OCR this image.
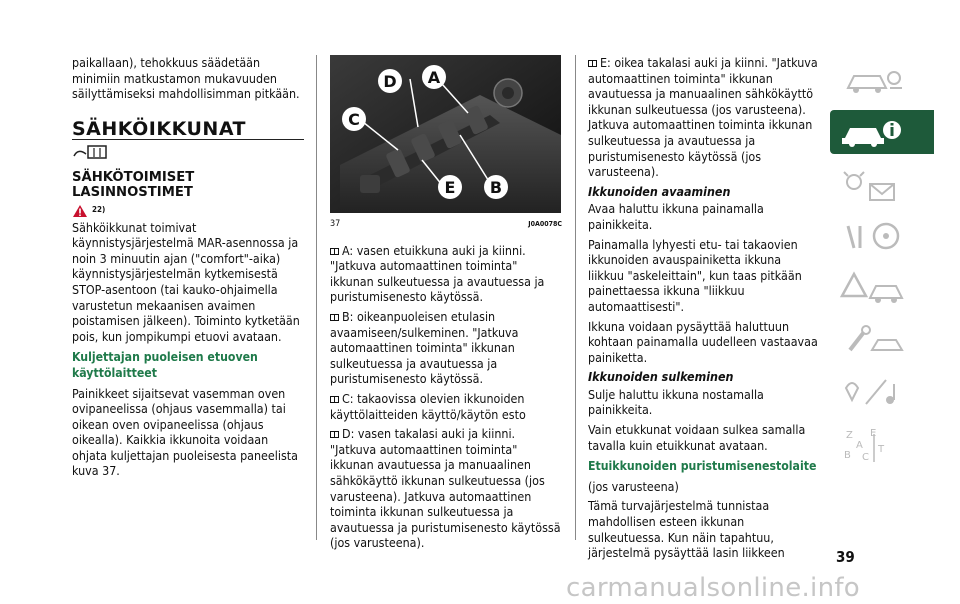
paikallaan), tehokkuus säädetään minimiin matkustamon mukavuuden säilyttämiseksi mahdollisimman pitkään.

SÄHKÖIKKUNAT
SÄHKÖTOIMISET LASINNOSTIMET
22)

Sähköikkunat toimivat käynnistysjärjestelmä MAR-asennossa ja noin 3 minuutin ajan ("comfort"-aika) käynnistysjärjestelmän kytkemisestä STOP-asentoon (tai kauko-ohjaimella varustetun mekaanisen avaimen poistamisen jälkeen). Toiminto kytketään pois, kun jompikumpi etuovi avataan.

Kuljettajan puoleisen etuoven käyttölaitteet

Painikkeet sijaitsevat vasemman oven ovipaneelissa (ohjaus vasemmalla) tai oikean oven ovipaneelissa (ohjaus oikealla). Kaikkia ikkunoita voidaan ohjata kuljettajan puoleisesta paneelista kuva 37.

D A
C
E B
37	J0A0078C

A: vasen etuikkuna auki ja kiinni. "Jatkuva automaattinen toiminta" ikkunan sulkeutuessa ja avautuessa ja puristumisenesto käytössä.

B: oikeanpuoleisen etulasin avaamiseen/sulkeminen. "Jatkuva automaattinen toiminta" ikkunan sulkeutuessa ja avautuessa ja puristumisenesto käytössä.

C: takaovissa olevien ikkunoiden käyttölaitteiden käyttö/käytön esto

D: vasen takalasi auki ja kiinni. "Jatkuva automaattinen toiminta" ikkunan avautuessa ja manuaalinen sähkökäyttö ikkunan sulkeutuessa (jos varusteena). Jatkuva automaattinen toiminta ikkunan sulkeutuessa ja avautuessa ja puristumisenesto käytössä (jos varusteena).

E: oikea takalasi auki ja kiinni. "Jatkuva automaattinen toiminta" ikkunan avautuessa ja manuaalinen sähkökäyttö ikkunan sulkeutuessa (jos varusteena). Jatkuva automaattinen toiminta ikkunan sulkeutuessa ja avautuessa ja puristumisenesto käytössä (jos varusteena).

Ikkunoiden avaaminen

Avaa haluttu ikkuna painamalla painikkeita.

Painamalla lyhyesti etu- tai takaovien ikkunoiden avauspainiketta ikkuna liikkuu "askeleittain", kun taas pitkään painettaessa ikkuna "liikkuu automaattisesti".

Ikkuna voidaan pysäyttää haluttuun kohtaan painamalla uudelleen vastaavaa painiketta.

Ikkunoiden sulkeminen

Sulje haluttu ikkuna nostamalla painikkeita.

Vain etukkunat voidaan sulkea samalla tavalla kuin etuikkunat avataan.

Etuikkunoiden puristumisenestolaite

(jos varusteena)

Tämä turvajärjestelmä tunnistaa mahdollisen esteen ikkunan sulkeutuessa. Kun näin tapahtuu, järjestelmä pysäyttää lasin liikkeen

Z E
A
B C
T
39
carmanualsonline.info
